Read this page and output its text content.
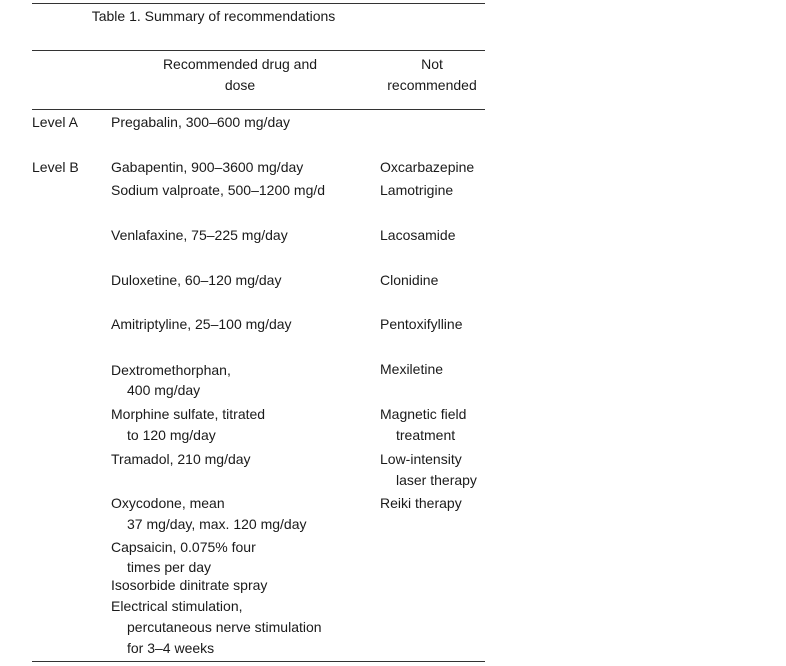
Table 1. Summary of recommendations
Recommended drug and
dose
Not
recommended
Level A
Level B
Pregabalin, 300–600 mg/day
Gabapentin, 900–3600 mg/day
Sodium valproate, 500–1200 mg/d
Venlafaxine, 75–225 mg/day
Duloxetine, 60–120 mg/day
Amitriptyline, 25–100 mg/day
Dextromethorphan,
400 mg/day
Morphine sulfate, titrated
to 120 mg/day
Tramadol, 210 mg/day
Oxycodone, mean
37 mg/day, max. 120 mg/day
Capsaicin, 0.075% four
times per day
Isosorbide dinitrate spray
Electrical stimulation,
percutaneous nerve stimulation
for 3–4 weeks
Oxcarbazepine
Lamotrigine
Lacosamide
Clonidine
Pentoxifylline
Mexiletine
Magnetic field
treatment
Low-intensity
laser therapy
Reiki therapy
